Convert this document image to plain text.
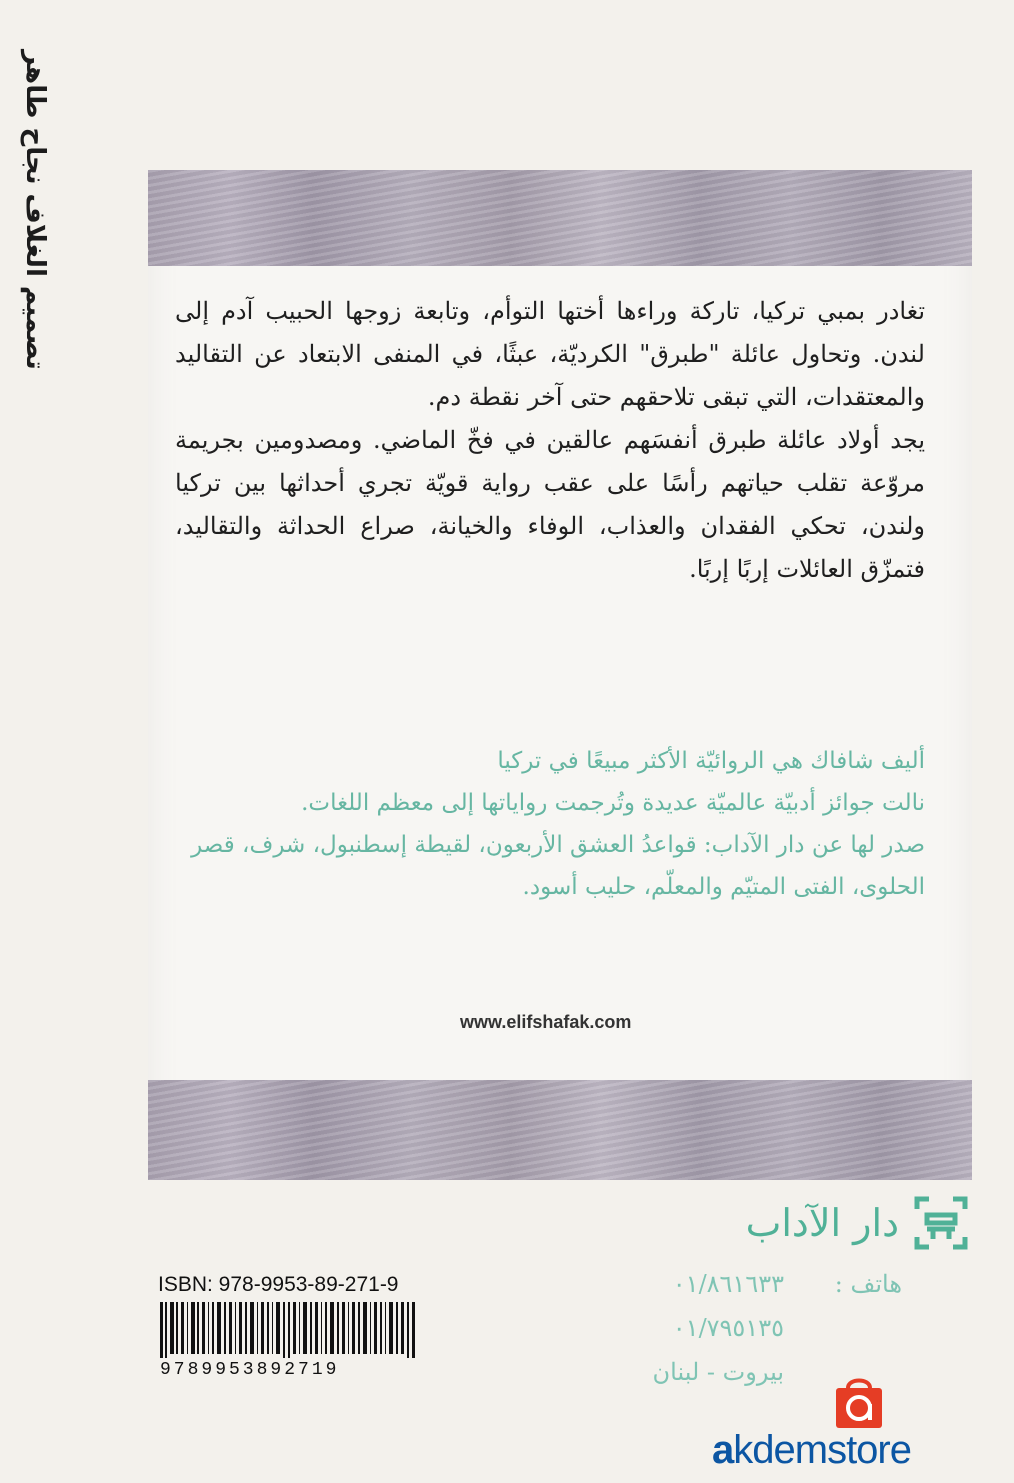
تصميم الغلاف نجاح طاهر	تغادر بمبي تركيا، تاركة وراءها أختها التوأم، وتابعة زوجها الحبيب آدم إلى لندن. وتحاول عائلة "طبرق" الكرديّة، عبثًا، في المنفى الابتعاد عن التقاليد والمعتقدات، التي تبقى تلاحقهم حتى آخر نقطة دم.

يجد أولاد عائلة طبرق أنفسَهم عالقين في فخّ الماضي. ومصدومين بجريمة مروّعة تقلب حياتهم رأسًا على عقب رواية قويّة تجري أحداثها بين تركيا ولندن، تحكي الفقدان والعذاب، الوفاء والخيانة، صراع الحداثة والتقاليد، فتمزّق العائلات إربًا إربًا.

أليف شافاك هي الروائيّة الأكثر مبيعًا في تركيا

نالت جوائز أدبيّة عالميّة عديدة وتُرجمت رواياتها إلى معظم اللغات.

صدر لها عن دار الآداب: قواعدُ العشق الأربعون، لقيطة إسطنبول، شرف، قصر الحلوى، الفتى المتيّم والمعلّم، حليب أسود.

www.elifshafak.com
دار الآداب
هاتف :
٠١/٨٦١٦٣٣
٠١/٧٩٥١٣٥
بيروت - لبنان
ISBN: 978-9953-89-271-9
9789953892719
akdemstore
